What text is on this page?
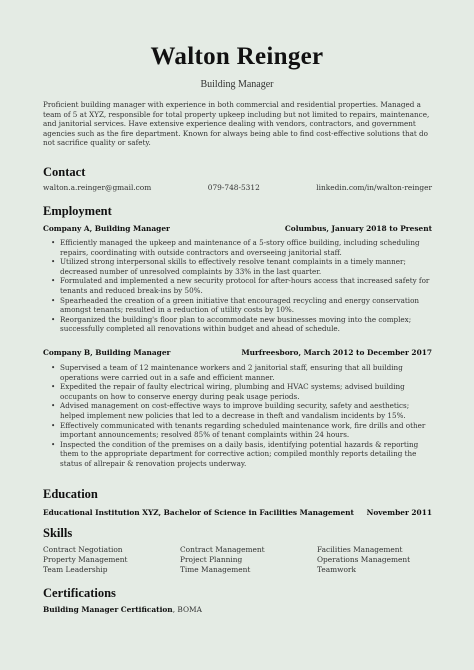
Walton Reinger
Building Manager
Proficient building manager with experience in both commercial and residential properties. Managed a team of 5 at XYZ, responsible for total property upkeep including but not limited to repairs, maintenance, and janitorial services. Have extensive experience dealing with vendors, contractors, and government agencies such as the fire department. Known for always being able to find cost-effective solutions that do not sacrifice quality or safety.
Contact
walton.a.reinger@gmail.com	079-748-5312	linkedin.com/in/walton-reinger
Employment
Company A, Building Manager	Columbus, January 2018 to Present
• Efficiently managed the upkeep and maintenance of a 5-story office building, including scheduling repairs, coordinating with outside contractors and overseeing janitorial staff.
• Utilized strong interpersonal skills to effectively resolve tenant complaints in a timely manner; decreased number of unresolved complaints by 33% in the last quarter.
• Formulated and implemented a new security protocol for after-hours access that increased safety for tenants and reduced break-ins by 50%.
• Spearheaded the creation of a green initiative that encouraged recycling and energy conservation amongst tenants; resulted in a reduction of utility costs by 10%.
• Reorganized the building's floor plan to accommodate new businesses moving into the complex; successfully completed all renovations within budget and ahead of schedule.
Company B, Building Manager	Murfreesboro, March 2012 to December 2017
• Supervised a team of 12 maintenance workers and 2 janitorial staff, ensuring that all building operations were carried out in a safe and efficient manner.
• Expedited the repair of faulty electrical wiring, plumbing and HVAC systems; advised building occupants on how to conserve energy during peak usage periods.
• Advised management on cost-effective ways to improve building security, safety and aesthetics; helped implement new policies that led to a decrease in theft and vandalism incidents by 15%.
• Effectively communicated with tenants regarding scheduled maintenance work, fire drills and other important announcements; resolved 85% of tenant complaints within 24 hours.
• Inspected the condition of the premises on a daily basis, identifying potential hazards & reporting them to the appropriate department for corrective action; compiled monthly reports detailing the status of allrepair & renovation projects underway.
Education
Educational Institution XYZ, Bachelor of Science in Facilities Management November 2011
Skills
Contract Negotiation	Contract Management	Facilities Management
Property Management	Project Planning	Operations Management
Team Leadership	Time Management	Teamwork
Certifications
Building Manager Certification, BOMA
